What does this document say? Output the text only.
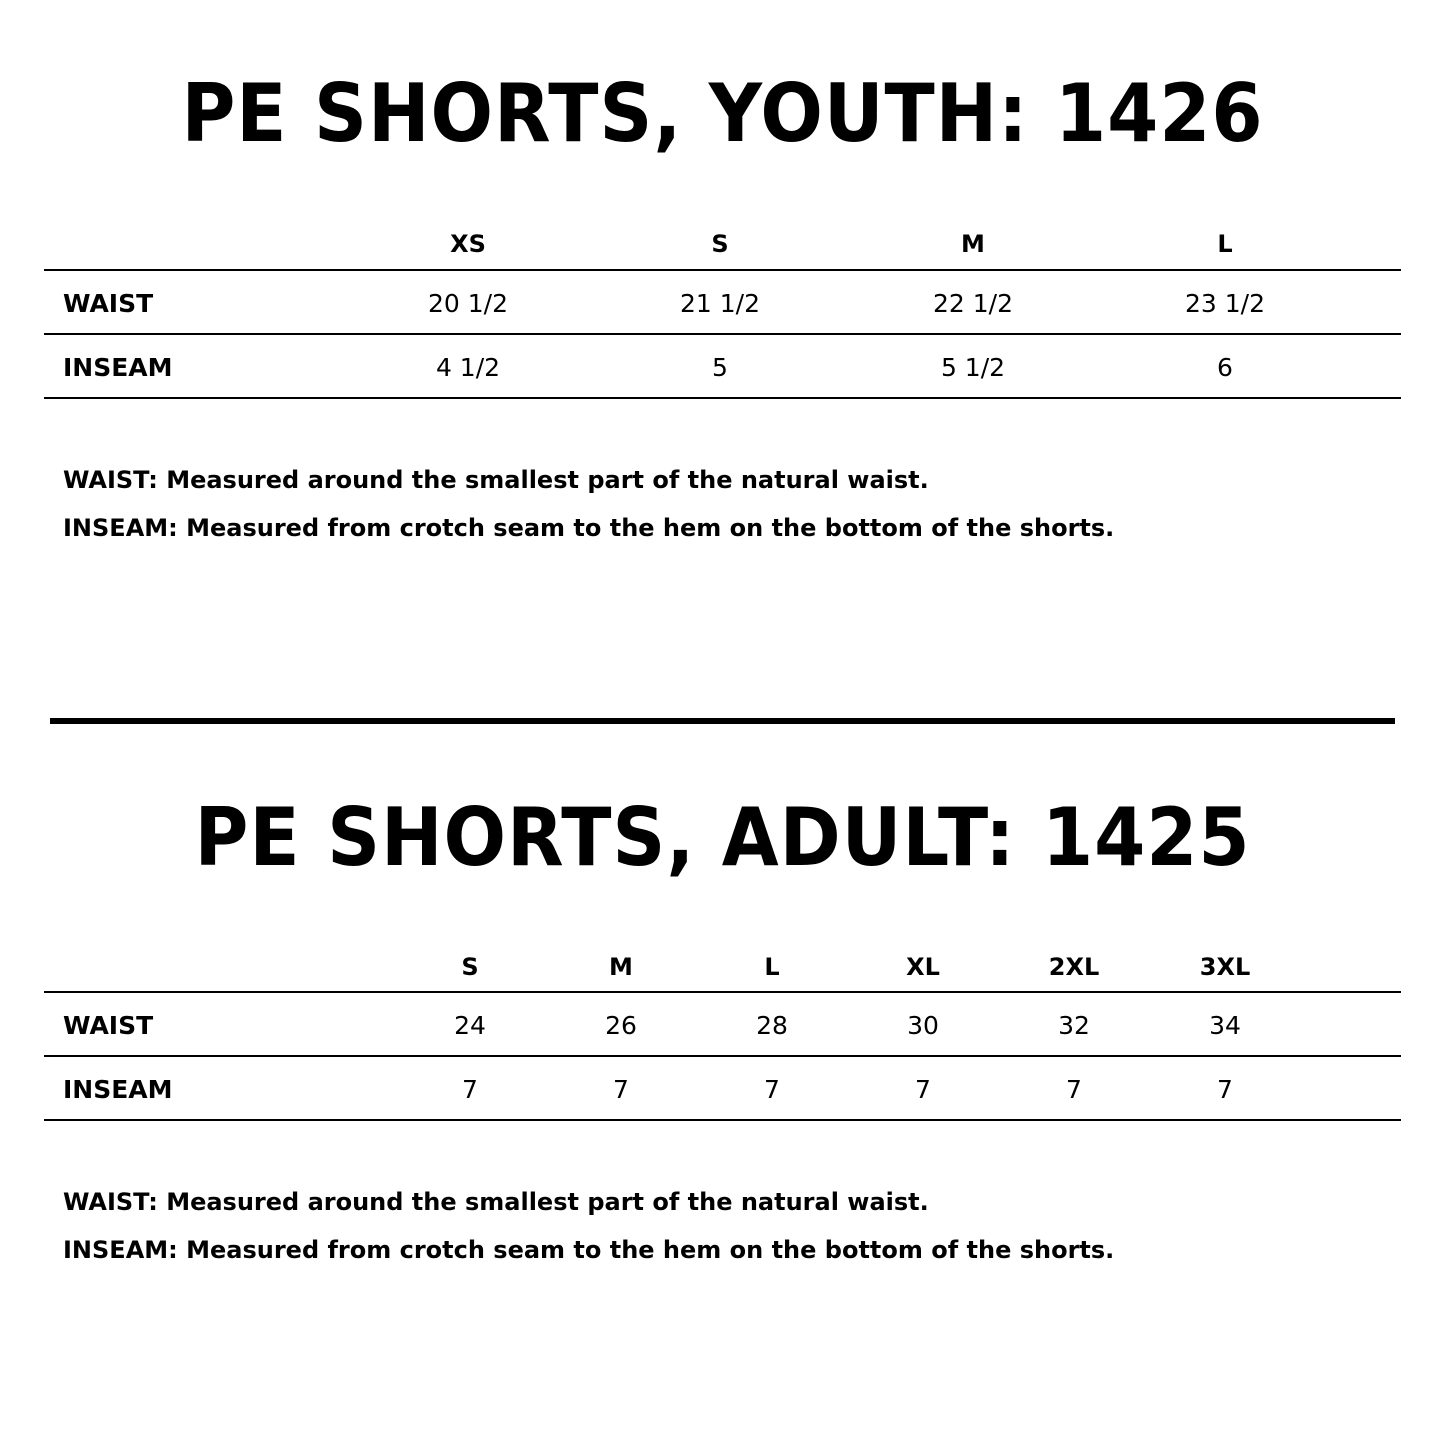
PE SHORTS, YOUTH: 1426
XS	S	M	L
WAIST	20 1/2	21 1/2	22 1/2	23 1/2
INSEAM	4 1/2	5	5 1/2	6
WAIST: Measured around the smallest part of the natural waist.
INSEAM: Measured from crotch seam to the hem on the bottom of the shorts.
PE SHORTS, ADULT: 1425
S	M	L	XL	2XL	3XL
WAIST	24	26	28	30	32	34
INSEAM	7	7	7	7	7	7
WAIST: Measured around the smallest part of the natural waist.
INSEAM: Measured from crotch seam to the hem on the bottom of the shorts.
